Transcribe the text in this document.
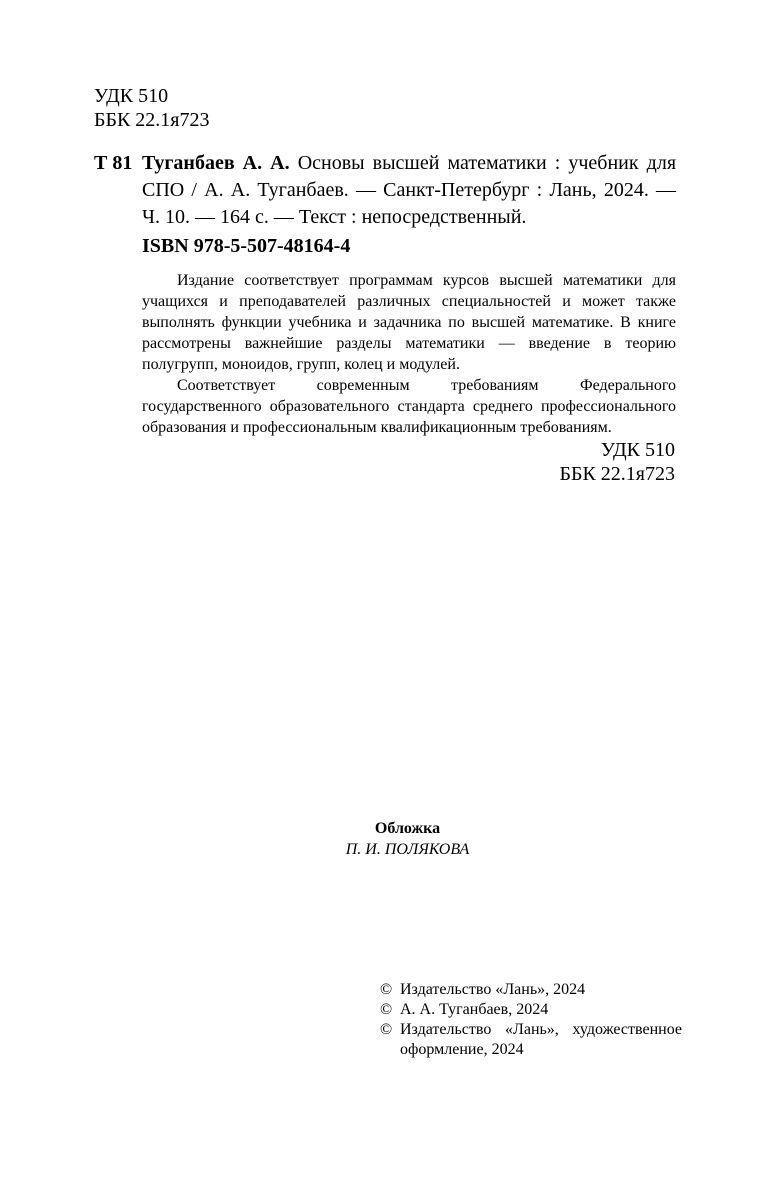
УДК 510
ББК 22.1я723
Т 81 Туганбаев А. А. Основы высшей математики : учебник для СПО / А. А. Туганбаев. — Санкт-Петербург : Лань, 2024. — Ч. 10. — 164 с. — Текст : непосредственный.
ISBN 978-5-507-48164-4

Издание соответствует программам курсов высшей математики для учащихся и преподавателей различных специальностей и может также выполнять функции учебника и задачника по высшей математике. В книге рассмотрены важнейшие разделы математики — введение в теорию полугрупп, моноидов, групп, колец и модулей.

Соответствует современным требованиям Федерального государственного образовательного стандарта среднего профессионального образования и профессиональным квалификационным требованиям.

УДК 510
ББК 22.1я723
Обложка
П. И. ПОЛЯКОВА
© Издательство «Лань», 2024
© А. А. Туганбаев, 2024
© Издательство «Лань», художественное оформление, 2024
